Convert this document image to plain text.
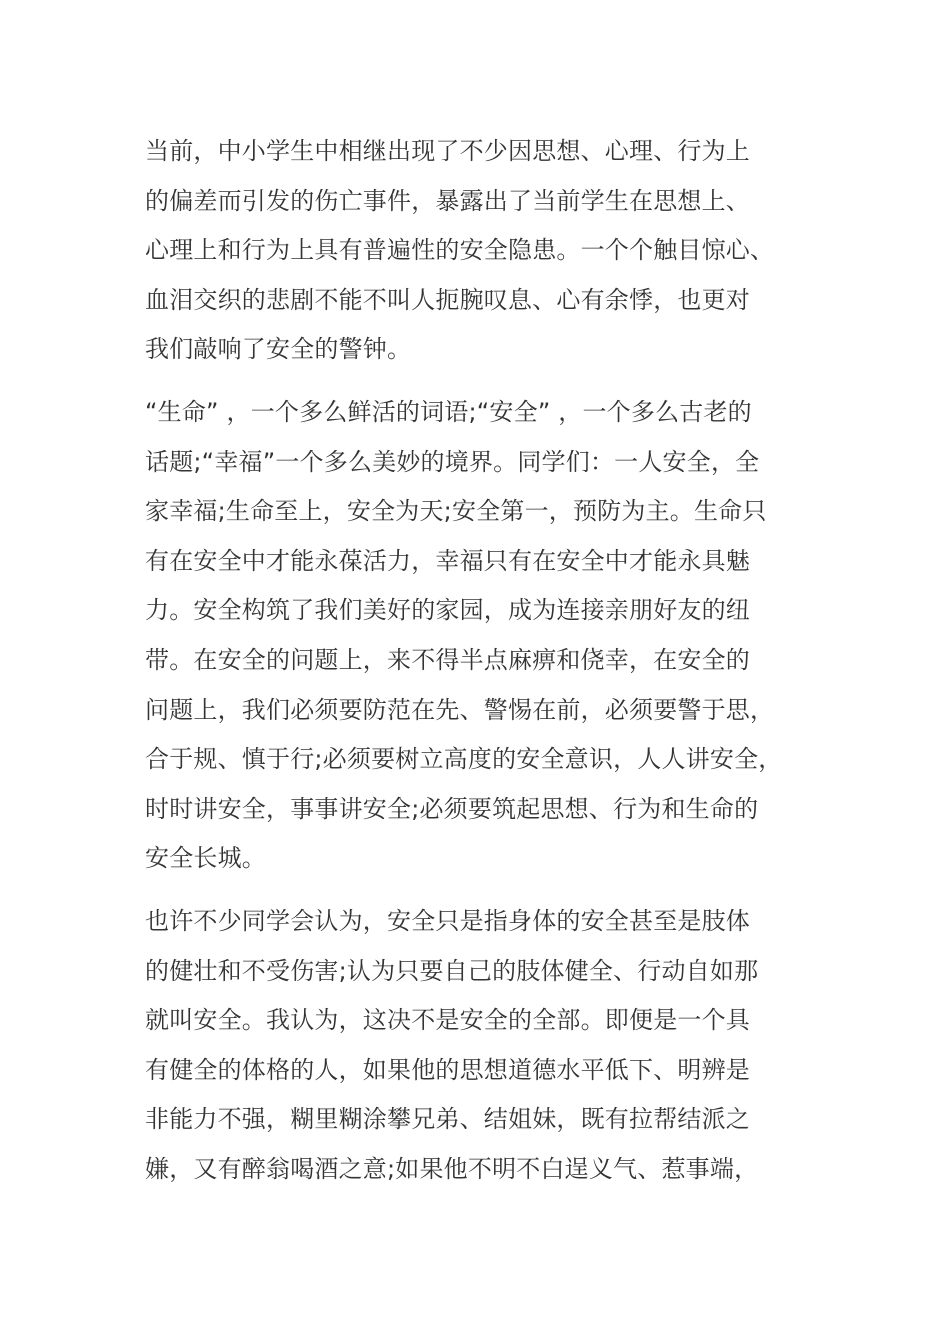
当前，中小学生中相继出现了不少因思想、心理、行为上
的偏差而引发的伤亡事件，暴露出了当前学生在思想上、
心理上和行为上具有普遍性的安全隐患。一个个触目惊心、
血泪交织的悲剧不能不叫人扼腕叹息、心有余悸，也更对
我们敲响了安全的警钟。
“生命” ，一个多么鲜活的词语;“安全” ，一个多么古老的
话题;“幸福”一个多么美妙的境界。同学们：一人安全，全
家幸福;生命至上，安全为天;安全第一，预防为主。生命只
有在安全中才能永葆活力，幸福只有在安全中才能永具魅
力。安全构筑了我们美好的家园，成为连接亲朋好友的纽
带。在安全的问题上，来不得半点麻痹和侥幸，在安全的
问题上，我们必须要防范在先、警惕在前，必须要警于思，
合于规、慎于行;必须要树立高度的安全意识，人人讲安全，
时时讲安全，事事讲安全;必须要筑起思想、行为和生命的
安全长城。
也许不少同学会认为，安全只是指身体的安全甚至是肢体
的健壮和不受伤害;认为只要自己的肢体健全、行动自如那
就叫安全。我认为，这决不是安全的全部。即便是一个具
有健全的体格的人，如果他的思想道德水平低下、明辨是
非能力不强，糊里糊涂攀兄弟、结姐妹，既有拉帮结派之
嫌，又有醉翁喝酒之意;如果他不明不白逞义气、惹事端，
